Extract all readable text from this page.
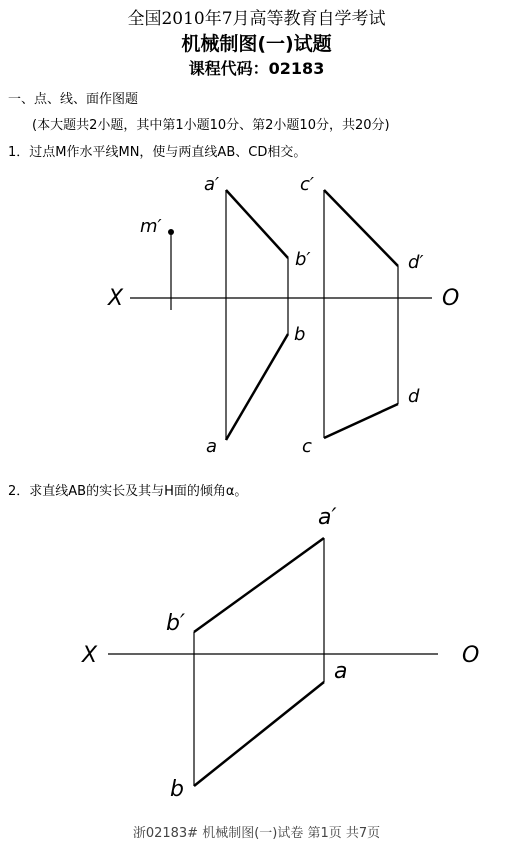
全国2010年7月高等教育自学考试
机械制图(一)试题
课程代码：02183
一、点、线、面作图题
(本大题共2小题，其中第1小题10分、第2小题10分，共20分)
1．过点M作水平线MN，使与两直线AB、CD相交。
2．求直线AB的实长及其与H面的倾角α。
X	O
m′
a′
b′
c′
d′
b
d
a	c
X	O
a′
b′
a
b
浙02183# 机械制图(一)试卷 第1页 共7页
